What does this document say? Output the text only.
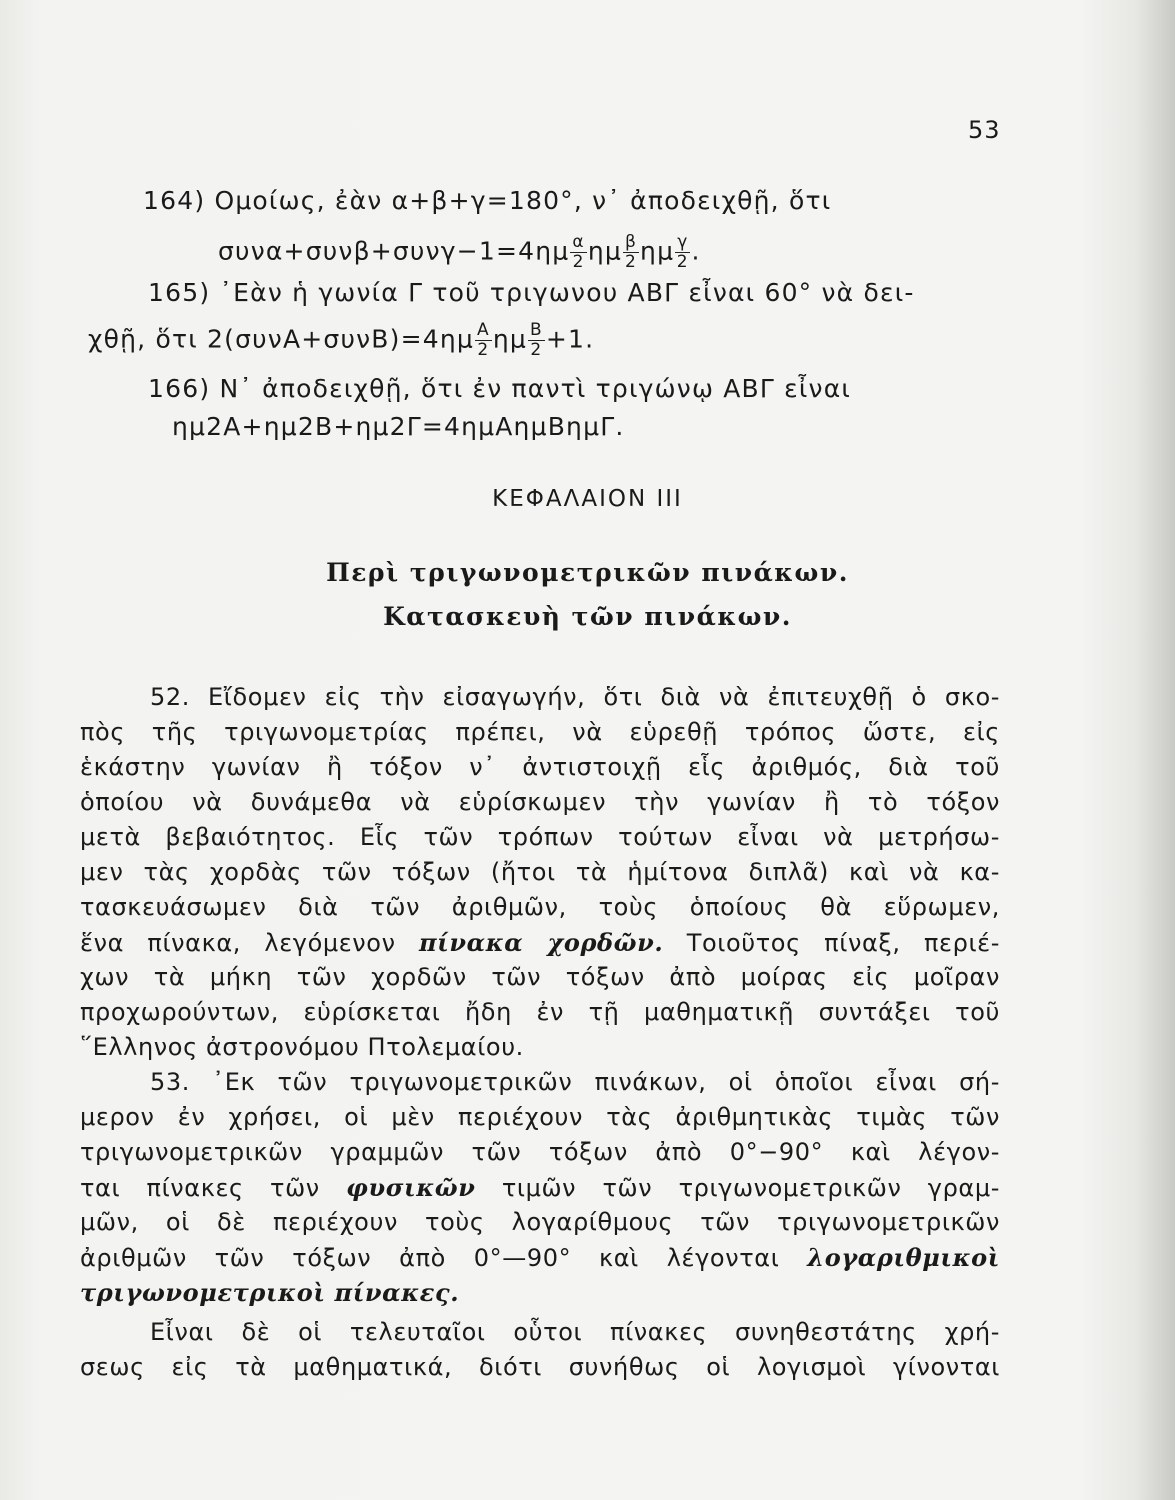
53
164) Ομοίως, ἐὰν α+β+γ=180°, ν᾽ ἀποδειχθῇ, ὅτι
$\sigma\upsilon\nu\alpha+\sigma\upsilon\nu\beta+\sigma\upsilon\nu\gamma-1=4\eta\mu \frac{\alpha}{2}$ ημ $\frac{\beta}{2}$ ημ $\frac{\gamma}{2}$ .
165) ᾽Εὰν ἡ γωνία Γ τοῦ τριγωνου ΑΒΓ εἶναι 60° νὰ δει-
χθῇ, ὅτι $2(\sigma\upsilon\nu A+\sigma\upsilon\nu B)=4\eta\mu \frac{A}{2}$ ημ $\frac{B}{2} +1$.
166) Ν᾽ ἀποδειχθῇ, ὅτι ἐν παντὶ τριγώνῳ ΑΒΓ εἶναι
ημ2Α+ημ2Β+ημ2Γ=4ημΑημΒημΓ.
ΚΕΦΑΛΑΙΟΝ III
Περὶ τριγωνομετρικῶν πινάκων.
Κατασκευὴ τῶν πινάκων.
52. Εἴδομεν εἰς τὴν εἰσαγωγήν, ὅτι διὰ νὰ ἐπιτευχθῇ ὁ σκο-
πὸς τῆς τριγωνομετρίας πρέπει, νὰ εὑρεθῇ τρόπος ὥστε, εἰς
ἑκάστην γωνίαν ἢ τόξον ν᾽ ἀντιστοιχῇ εἷς ἀριθμός, διὰ τοῦ
ὁποίου νὰ δυνάμεθα νὰ εὑρίσκωμεν τὴν γωνίαν ἢ τὸ τόξον
μετὰ βεβαιότητος. Εἷς τῶν τρόπων τούτων εἶναι νὰ μετρήσω-
μεν τὰς χορδὰς τῶν τόξων (ἤτοι τὰ ἡμίτονα διπλᾶ) καὶ νὰ κα-
τασκευάσωμεν διὰ τῶν ἀριθμῶν, τοὺς ὁποίους θὰ εὕρωμεν,
ἕνα πίνακα, λεγόμενον πίνακα χορδῶν. Τοιοῦτος πίναξ, περιέ-
χων τὰ μήκη τῶν χορδῶν τῶν τόξων ἀπὸ μοίρας εἰς μοῖραν
προχωρούντων, εὑρίσκεται ἤδη ἐν τῇ μαθηματικῇ συντάξει τοῦ
῞Ελληνος ἀστρονόμου Πτολεμαίου.
53. ᾽Εκ τῶν τριγωνομετρικῶν πινάκων, οἱ ὁποῖοι εἶναι σή-
μερον ἐν χρήσει, οἱ μὲν περιέχουν τὰς ἀριθμητικὰς τιμὰς τῶν
τριγωνομετρικῶν γραμμῶν τῶν τόξων ἀπὸ 0°−90° καὶ λέγον-
ται πίνακες τῶν φυσικῶν τιμῶν τῶν τριγωνομετρικῶν γραμ-
μῶν, οἱ δὲ περιέχουν τοὺς λογαρίθμους τῶν τριγωνομετρικῶν
ἀριθμῶν τῶν τόξων ἀπὸ 0°—90° καὶ λέγονται λογαριθμικοὶ
τριγωνομετρικοὶ πίνακες.
Εἶναι δὲ οἱ τελευταῖοι οὗτοι πίνακες συνηθεστάτης χρή-
σεως εἰς τὰ μαθηματικά, διότι συνήθως οἱ λογισμοὶ γίνονται
